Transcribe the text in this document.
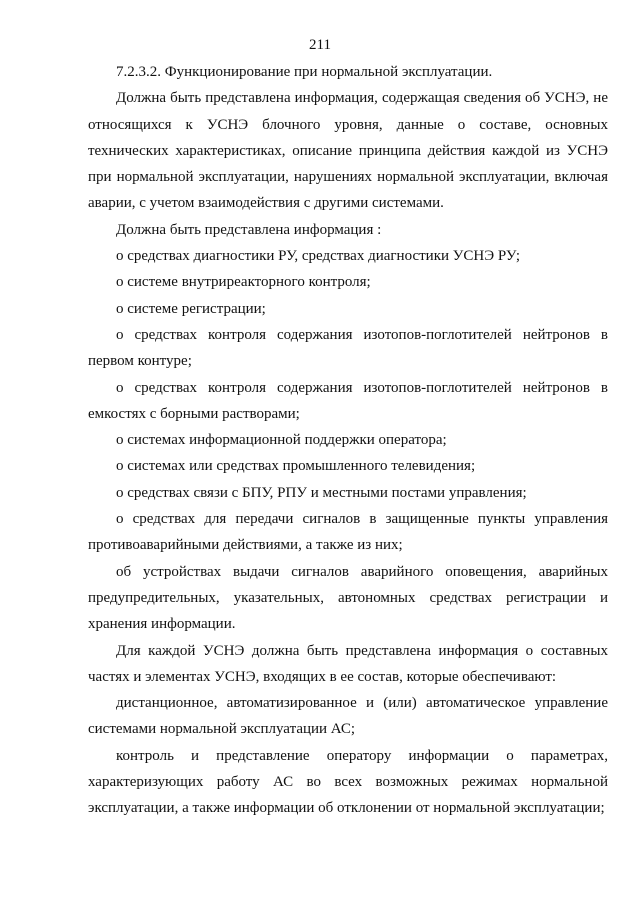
211

7.2.3.2. Функционирование при нормальной эксплуатации.

Должна быть представлена информация, содержащая сведения об УСНЭ, не относящихся к УСНЭ блочного уровня, данные о составе, основных технических характеристиках, описание принципа действия каждой из УСНЭ при нормальной эксплуатации, нарушениях нормальной эксплуатации, включая аварии, с учетом взаимодействия с другими системами.

Должна быть представлена информация :

о средствах диагностики РУ, средствах диагностики УСНЭ РУ;

о системе внутриреакторного контроля;

о системе регистрации;

о средствах контроля содержания изотопов-поглотителей нейтронов в первом контуре;

о средствах контроля содержания изотопов-поглотителей нейтронов в емкостях с борными растворами;

о системах информационной поддержки оператора;

о системах или средствах промышленного телевидения;

о средствах связи с БПУ, РПУ и местными постами управления;

о средствах для передачи сигналов в защищенные пункты управления противоаварийными действиями, а также из них;

об устройствах выдачи сигналов аварийного оповещения, аварийных предупредительных, указательных, автономных средствах регистрации и хранения информации.

Для каждой УСНЭ должна быть представлена информация о составных частях и элементах УСНЭ, входящих в ее состав, которые обеспечивают:

дистанционное, автоматизированное и (или) автоматическое управление системами нормальной эксплуатации АС;

контроль и представление оператору информации о параметрах, характеризующих работу АС во всех возможных режимах нормальной эксплуатации, а также информации об отклонении от нормальной эксплуатации;
